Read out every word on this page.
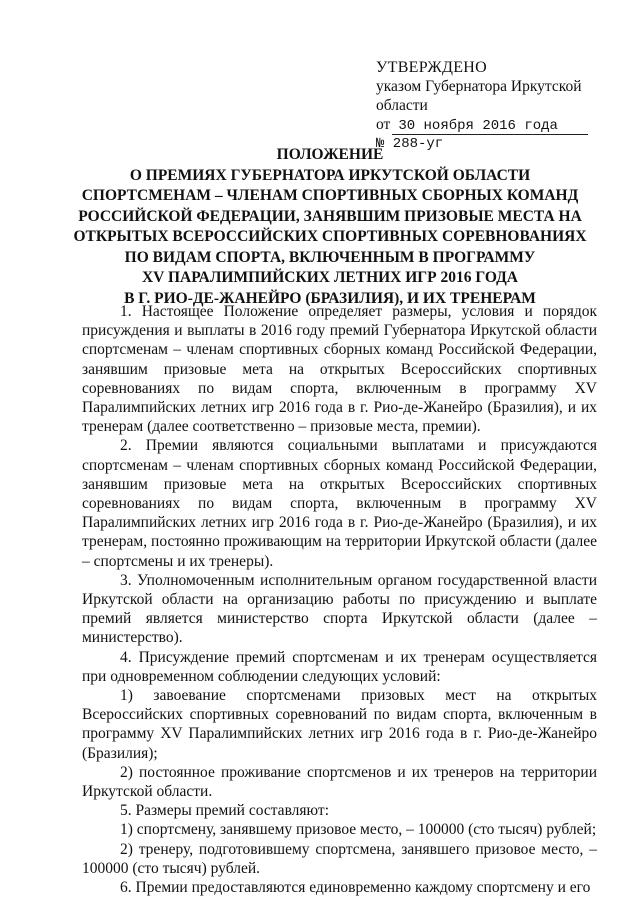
УТВЕРЖДЕНО
указом Губернатора Иркутской
области
от 30 ноября 2016 года
№ 288-уг
ПОЛОЖЕНИЕ
О ПРЕМИЯХ ГУБЕРНАТОРА ИРКУТСКОЙ ОБЛАСТИ
СПОРТСМЕНАМ – ЧЛЕНАМ СПОРТИВНЫХ СБОРНЫХ КОМАНД
РОССИЙСКОЙ ФЕДЕРАЦИИ, ЗАНЯВШИМ ПРИЗОВЫЕ МЕСТА НА
ОТКРЫТЫХ ВСЕРОССИЙСКИХ СПОРТИВНЫХ СОРЕВНОВАНИЯХ
ПО ВИДАМ СПОРТА, ВКЛЮЧЕННЫМ В ПРОГРАММУ
XV ПАРАЛИМПИЙСКИХ ЛЕТНИХ ИГР 2016 ГОДА
В Г. РИО-ДЕ-ЖАНЕЙРО (БРАЗИЛИЯ), И ИХ ТРЕНЕРАМ

1. Настоящее Положение определяет размеры, условия и порядок присуждения и выплаты в 2016 году премий Губернатора Иркутской области спортсменам – членам спортивных сборных команд Российской Федерации, занявшим призовые мета на открытых Всероссийских спортивных соревнованиях по видам спорта, включенным в программу XV Паралимпийских летних игр 2016 года в г. Рио-де-Жанейро (Бразилия), и их тренерам (далее соответственно – призовые места, премии).

2. Премии являются социальными выплатами и присуждаются спортсменам – членам спортивных сборных команд Российской Федерации, занявшим призовые мета на открытых Всероссийских спортивных соревнованиях по видам спорта, включенным в программу XV Паралимпийских летних игр 2016 года в г. Рио-де-Жанейро (Бразилия), и их тренерам, постоянно проживающим на территории Иркутской области (далее – спортсмены и их тренеры).

3. Уполномоченным исполнительным органом государственной власти Иркутской области на организацию работы по присуждению и выплате премий является министерство спорта Иркутской области (далее – министерство).

4. Присуждение премий спортсменам и их тренерам осуществляется при одновременном соблюдении следующих условий:

1) завоевание спортсменами призовых мест на открытых Всероссийских спортивных соревнований по видам спорта, включенным в программу XV Паралимпийских летних игр 2016 года в г. Рио-де-Жанейро (Бразилия);

2) постоянное проживание спортсменов и их тренеров на территории Иркутской области.

5. Размеры премий составляют:

1) спортсмену, занявшему призовое место, – 100000 (сто тысяч) рублей;

2) тренеру, подготовившему спортсмена, занявшего призовое место, – 100000 (сто тысяч) рублей.

6. Премии предоставляются единовременно каждому спортсмену и его
